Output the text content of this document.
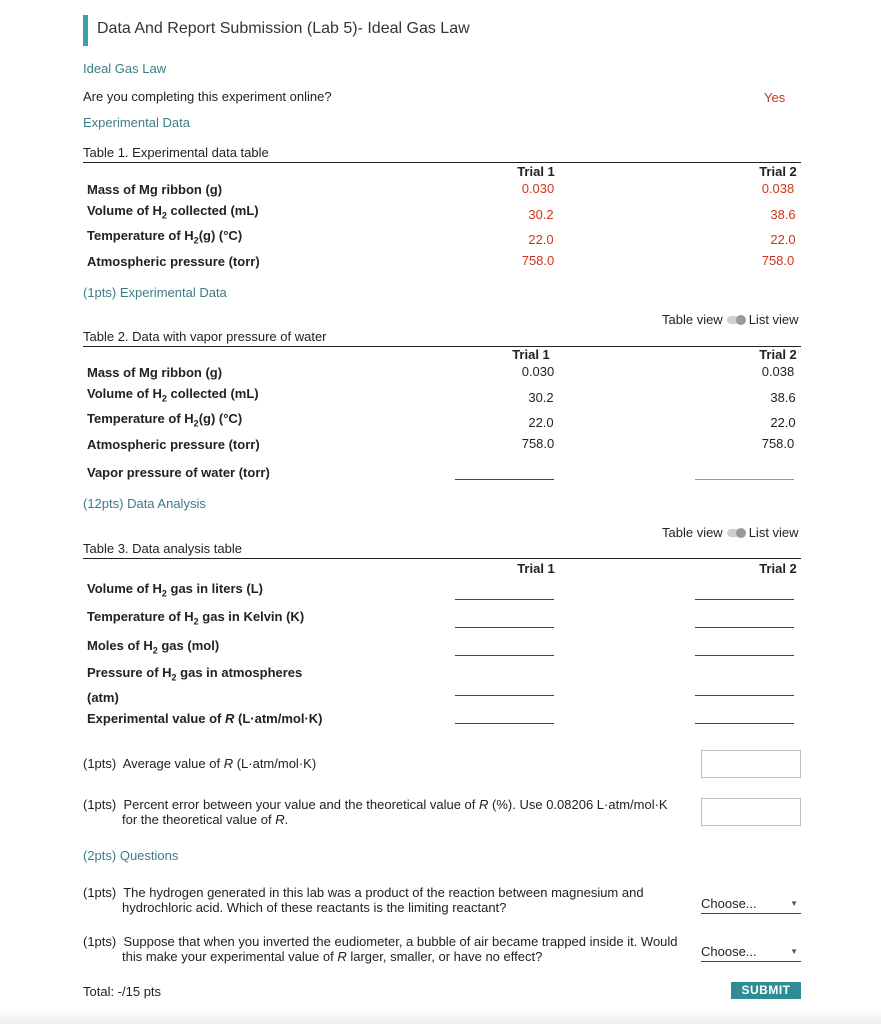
Data And Report Submission (Lab 5)- Ideal Gas Law
Ideal Gas Law
Are you completing this experiment online?	Yes
Experimental Data
Table 1. Experimental data table
Trial 1	Trial 2
Mass of Mg ribbon (g)	0.030	0.038
Volume of $H_2$ collected (mL)	30.2	38.6
Temperature of $H_2(g)$ (°C)	22.0	22.0
Atmospheric pressure (torr)	758.0	758.0
(1pts) Experimental Data
Table view List view
Table 2. Data with vapor pressure of water
Trial 1	Trial 2
Mass of Mg ribbon (g)	0.030	0.038
Volume of $H_2$ collected (mL)	30.2	38.6
Temperature of $H_2(g)$ (°C)	22.0	22.0
Atmospheric pressure (torr)	758.0	758.0
Vapor pressure of water (torr)
(12pts) Data Analysis
Table view List view
Table 3. Data analysis table
Trial 1	Trial 2
Volume of $H_2$ gas in liters (L)
Temperature of $H_2$ gas in Kelvin (K)
Moles of $H_2$ gas (mol)
Pressure of $H_2$ gas in atmospheres
(atm)
Experimental value of R (L·atm/mol·K)
(1pts) Average value of R (L·atm/mol·K)
(1pts) Percent error between your value and the theoretical value of R (%). Use 0.08206 L·atm/mol·K
for the theoretical value of R.
(2pts) Questions
(1pts) The hydrogen generated in this lab was a product of the reaction between magnesium and
hydrochloric acid. Which of these reactants is the limiting reactant?	Choose...	▼
(1pts) Suppose that when you inverted the eudiometer, a bubble of air became trapped inside it. Would
this make your experimental value of R larger, smaller, or have no effect?	Choose...	▼
Total: -/15 pts	SUBMIT
